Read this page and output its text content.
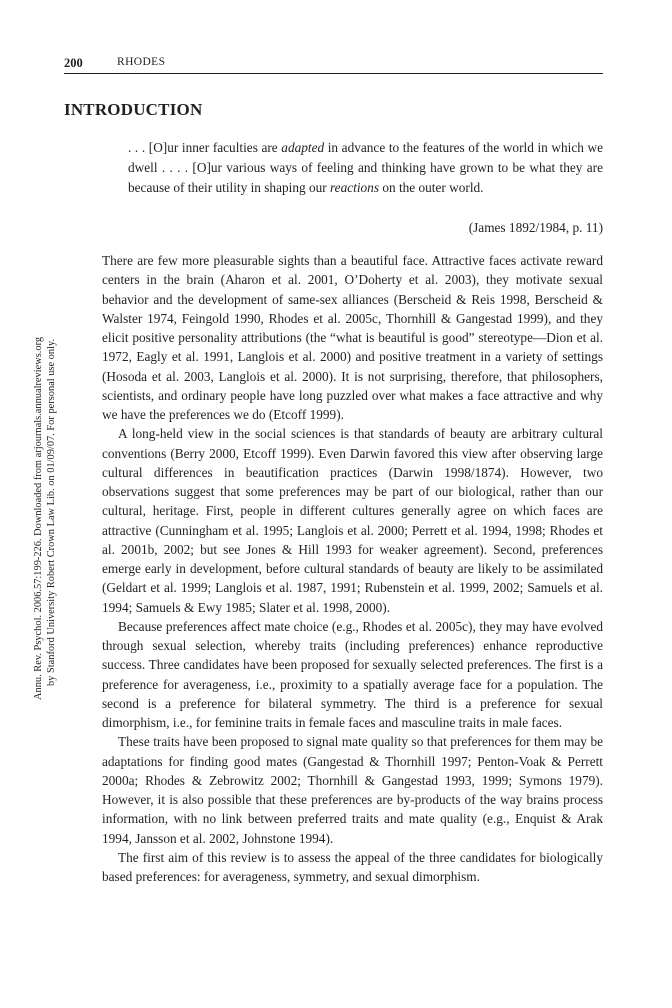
200	RHODES
INTRODUCTION

. . . [O]ur inner faculties are adapted in advance to the features of the world in which we dwell . . . . [O]ur various ways of feeling and thinking have grown to be what they are because of their utility in shaping our reactions on the outer world.

(James 1892/1984, p. 11)

There are few more pleasurable sights than a beautiful face. Attractive faces activate reward centers in the brain (Aharon et al. 2001, O’Doherty et al. 2003), they motivate sexual behavior and the development of same-sex alliances (Berscheid & Reis 1998, Berscheid & Walster 1974, Feingold 1990, Rhodes et al. 2005c, Thornhill & Gangestad 1999), and they elicit positive personality attributions (the “what is beautiful is good” stereotype—Dion et al. 1972, Eagly et al. 1991, Langlois et al. 2000) and positive treatment in a variety of settings (Hosoda et al. 2003, Langlois et al. 2000). It is not surprising, therefore, that philosophers, scientists, and ordinary people have long puzzled over what makes a face attractive and why we have the preferences we do (Etcoff 1999).

A long-held view in the social sciences is that standards of beauty are arbitrary cultural conventions (Berry 2000, Etcoff 1999). Even Darwin favored this view after observing large cultural differences in beautification practices (Darwin 1998/1874). However, two observations suggest that some preferences may be part of our biological, rather than our cultural, heritage. First, people in different cultures generally agree on which faces are attractive (Cunningham et al. 1995; Langlois et al. 2000; Perrett et al. 1994, 1998; Rhodes et al. 2001b, 2002; but see Jones & Hill 1993 for weaker agreement). Second, preferences emerge early in development, before cultural standards of beauty are likely to be assimilated (Geldart et al. 1999; Langlois et al. 1987, 1991; Rubenstein et al. 1999, 2002; Samuels et al. 1994; Samuels & Ewy 1985; Slater et al. 1998, 2000).

Because preferences affect mate choice (e.g., Rhodes et al. 2005c), they may have evolved through sexual selection, whereby traits (including preferences) enhance reproductive success. Three candidates have been proposed for sexually selected preferences. The first is a preference for averageness, i.e., proximity to a spatially average face for a population. The second is a preference for bilateral symmetry. The third is a preference for sexual dimorphism, i.e., for feminine traits in female faces and masculine traits in male faces.

These traits have been proposed to signal mate quality so that preferences for them may be adaptations for finding good mates (Gangestad & Thornhill 1997; Penton-Voak & Perrett 2000a; Rhodes & Zebrowitz 2002; Thornhill & Gangestad 1993, 1999; Symons 1979). However, it is also possible that these preferences are by-products of the way brains process information, with no link between preferred traits and mate quality (e.g., Enquist & Arak 1994, Jansson et al. 2002, Johnstone 1994).

The first aim of this review is to assess the appeal of the three candidates for biologically based preferences: for averageness, symmetry, and sexual dimorphism.

Annu. Rev. Psychol. 2006.57:199-226. Downloaded from arjournals.annualreviews.org by Stanford University Robert Crown Law Lib. on 01/09/07. For personal use only.
